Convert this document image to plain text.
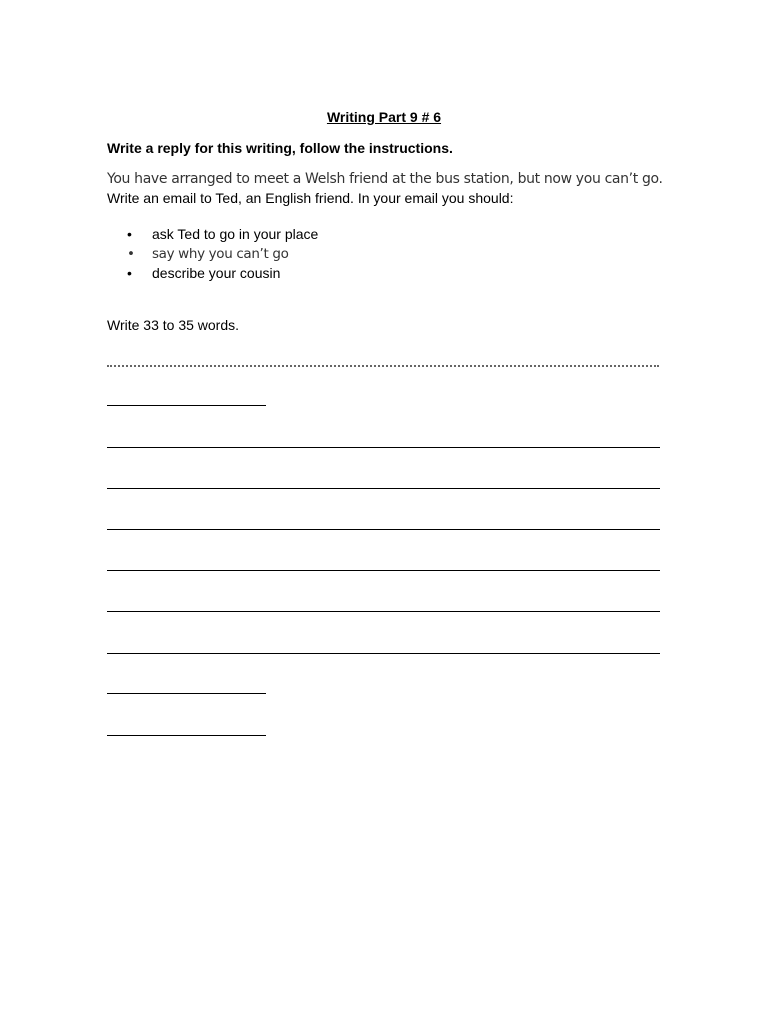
Writing Part 9 # 6
Write a reply for this writing, follow the instructions.
You have arranged to meet a Welsh friend at the bus station, but now you can’t go.
Write an email to Ted, an English friend. In your email you should:
• ask Ted to go in your place
• say why you can’t go
• describe your cousin
Write 33 to 35 words.
